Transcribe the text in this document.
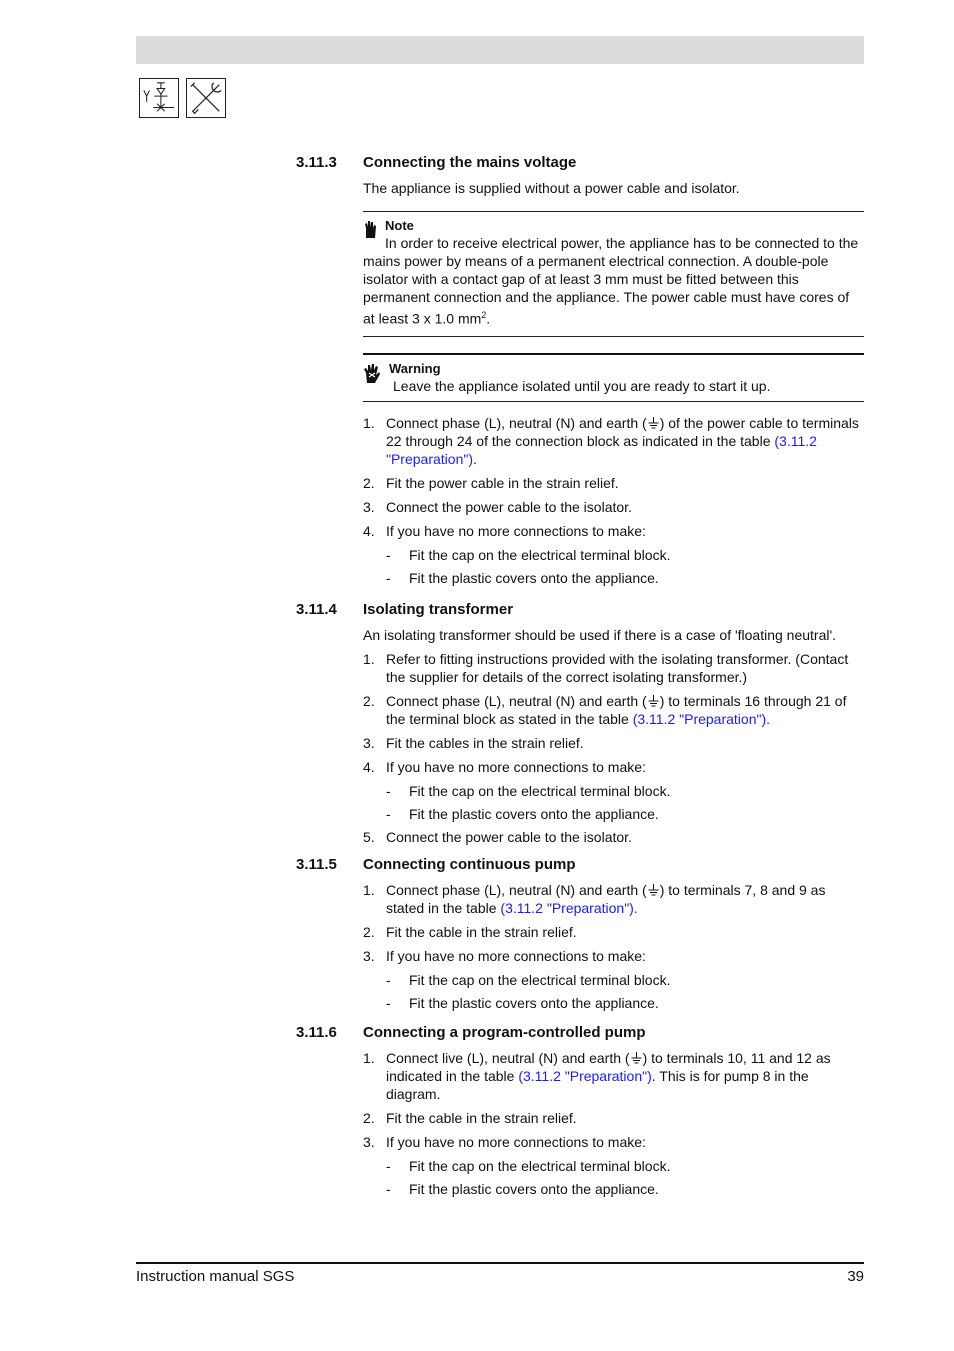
3.11.3	Connecting the mains voltage

The appliance is supplied without a power cable and isolator.

Note
In order to receive electrical power, the appliance has to be connected to the
mains power by means of a permanent electrical connection. A double-pole isolator with a contact gap of at least 3 mm must be fitted between this permanent connection and the appliance. The power cable must have cores of at least 3 x 1.0 $mm^2$.
Warning
Leave the appliance isolated until you are ready to start it up.
1. Connect phase (L), neutral (N) and earth ( ) of the power cable to terminals 22 through 24 of the connection block as indicated in the table (3.11.2 "Preparation").
2. Fit the power cable in the strain relief.
3. Connect the power cable to the isolator.
4. If you have no more connections to make:
- Fit the cap on the electrical terminal block.
- Fit the plastic covers onto the appliance.
3.11.4	Isolating transformer

An isolating transformer should be used if there is a case of 'floating neutral'.

1. Refer to fitting instructions provided with the isolating transformer. (Contact the supplier for details of the correct isolating transformer.)
2. Connect phase (L), neutral (N) and earth ( ) to terminals 16 through 21 of the terminal block as stated in the table (3.11.2 "Preparation").
3. Fit the cables in the strain relief.
4. If you have no more connections to make:
- Fit the cap on the electrical terminal block.
- Fit the plastic covers onto the appliance.
5. Connect the power cable to the isolator.
3.11.5	Connecting continuous pump
1. Connect phase (L), neutral (N) and earth ( ) to terminals 7, 8 and 9 as stated in the table (3.11.2 "Preparation").
2. Fit the cable in the strain relief.
3. If you have no more connections to make:
- Fit the cap on the electrical terminal block.
- Fit the plastic covers onto the appliance.
3.11.6	Connecting a program-controlled pump
1. Connect live (L), neutral (N) and earth ( ) to terminals 10, 11 and 12 as indicated in the table (3.11.2 "Preparation"). This is for pump 8 in the diagram.
2. Fit the cable in the strain relief.
3. If you have no more connections to make:
- Fit the cap on the electrical terminal block.
- Fit the plastic covers onto the appliance.
Instruction manual SGS	39
